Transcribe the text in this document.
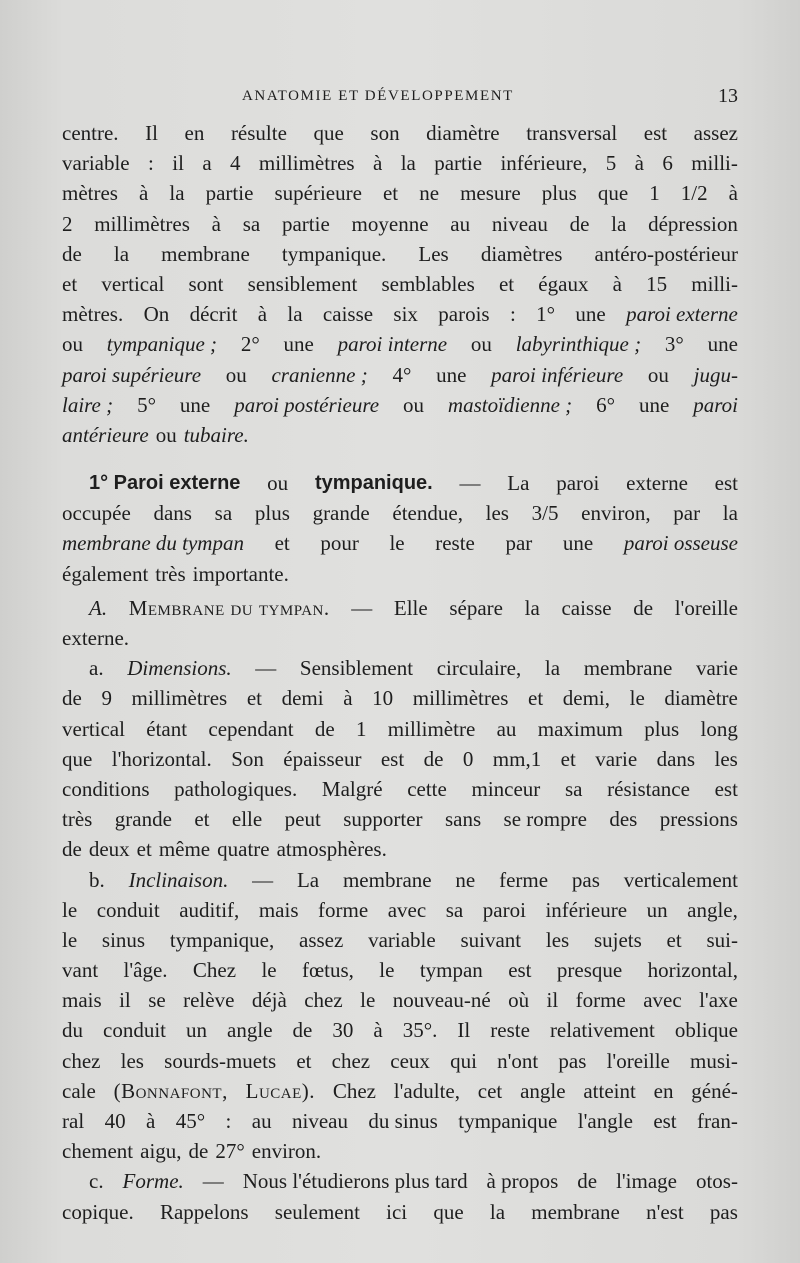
ANATOMIE ET DÉVELOPPEMENT	13
centre. Il en résulte que son diamètre transversal est assez
variable : il a 4 millimètres à la partie inférieure, 5 à 6 milli-
mètres à la partie supérieure et ne mesure plus que 1 1/2 à
2 millimètres à sa partie moyenne au niveau de la dépression
de la membrane tympanique. Les diamètres antéro-postérieur
et vertical sont sensiblement semblables et égaux à 15 milli-
mètres. On décrit à la caisse six parois : 1° une paroi externe
ou tympanique ; 2° une paroi interne ou labyrinthique ; 3° une
paroi supérieure ou cranienne ; 4° une paroi inférieure ou jugu-
laire ; 5° une paroi postérieure ou mastoïdienne ; 6° une paroi
antérieure ou tubaire.
1° Paroi externe ou tympanique. — La paroi externe est
occupée dans sa plus grande étendue, les 3/5 environ, par la
membrane du tympan et pour le reste par une paroi osseuse
également très importante.
A. Membrane du tympan. — Elle sépare la caisse de l'oreille
externe.
a. Dimensions. — Sensiblement circulaire, la membrane varie
de 9 millimètres et demi à 10 millimètres et demi, le diamètre
vertical étant cependant de 1 millimètre au maximum plus long
que l'horizontal. Son épaisseur est de 0 mm,1 et varie dans les
conditions pathologiques. Malgré cette minceur sa résistance est
très grande et elle peut supporter sans se rompre des pressions
de deux et même quatre atmosphères.
b. Inclinaison. — La membrane ne ferme pas verticalement
le conduit auditif, mais forme avec sa paroi inférieure un angle,
le sinus tympanique, assez variable suivant les sujets et sui-
vant l'âge. Chez le fœtus, le tympan est presque horizontal,
mais il se relève déjà chez le nouveau-né où il forme avec l'axe
du conduit un angle de 30 à 35°. Il reste relativement oblique
chez les sourds-muets et chez ceux qui n'ont pas l'oreille musi-
cale (Bonnafont, Lucae). Chez l'adulte, cet angle atteint en géné-
ral 40 à 45° : au niveau du sinus tympanique l'angle est fran-
chement aigu, de 27° environ.
c. Forme. — Nous l'étudierons plus tard à propos de l'image otos-
copique. Rappelons seulement ici que la membrane n'est pas
